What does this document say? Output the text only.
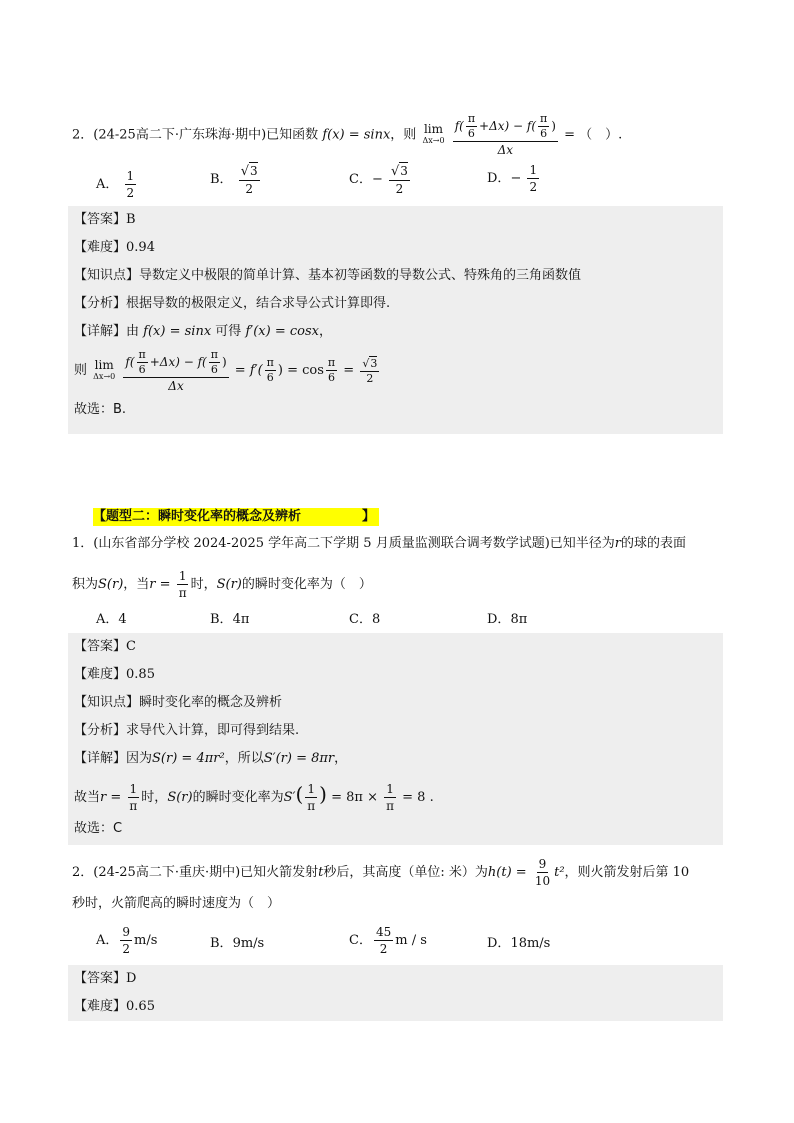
2．(24-25高二下·广东珠海·期中)已知函数 f(x) = sinx，则 lim
Δx→0
$\frac{f( \frac{\pi}{6} +\Delta x) - f( \frac{\pi}{6} )}{\Delta x}$ = （　）.
A． $\frac{1}{2}$	B． $\frac{√3}{2}$	C．− $\frac{√3}{2}$	D．− $\frac{1}{2}$
【答案】B
【难度】0.94
【知识点】导数定义中极限的简单计算、基本初等函数的导数公式、特殊角的三角函数值
【分析】根据导数的极限定义，结合求导公式计算即得.
【详解】由 f(x) = sinx 可得 f′(x) = cosx，
则 lim
Δx→0
$\frac{f( \frac{\pi}{6} +\Delta x) - f( \frac{\pi}{6} )}{\Delta x} = f'( \frac{\pi}{6}$ ) = $\cos \frac{\pi}{6} = \frac{√3}{2}$
故选：B.
【题型二：瞬时变化率的概念及辨析	】
1．(山东省部分学校 2024-2025 学年高二下学期 5 月质量监测联合调考数学试题)已知半径为r的球的表面
积为S(r)，当$r = \frac{1}{\pi}$ 时，S(r)的瞬时变化率为（　）
A．4	B．4π	C．8	D．8π
【答案】C
【难度】0.85
【知识点】瞬时变化率的概念及辨析
【分析】求导代入计算，即可得到结果.
【详解】因为S(r) = 4πr²，所以S′(r) = 8πr，
故当$r = \frac{1}{\pi}$ 时，S(r)的瞬时变化率为$S'( \frac{1}{\pi}$ ) = $8\pi \times \frac{1}{\pi} = 8$ .
故选：C
2．(24-25高二下·重庆·期中)已知火箭发射t秒后，其高度（单位: 米）为$h(t) = \frac{9}{10} t^2$，则火箭发射后第 10
秒时，火箭爬高的瞬时速度为（　）
A． $\frac{9}{2} m/s$	B．9m/s	C． $\frac{45}{2}$ m / s	D．18m/s
【答案】D
【难度】0.65
